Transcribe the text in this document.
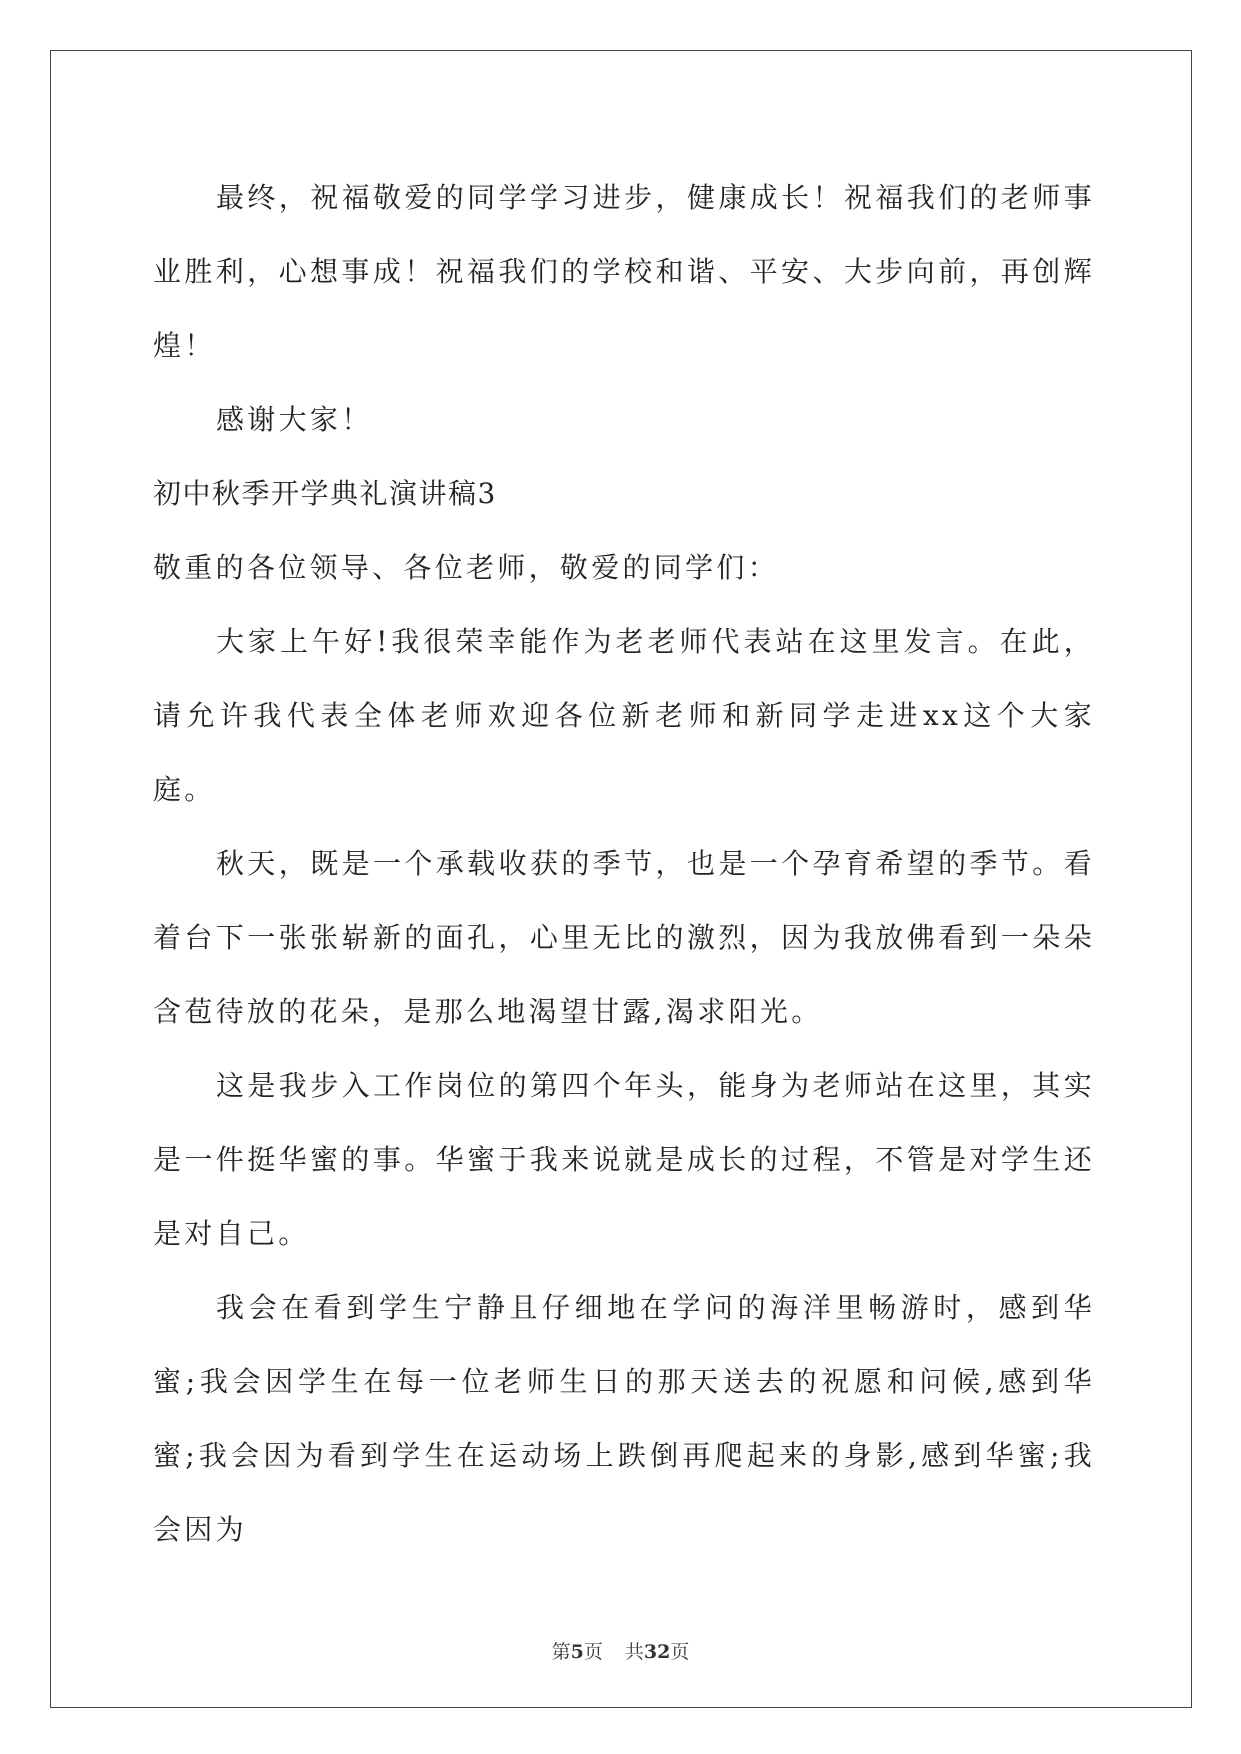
最终，祝福敬爱的同学学习进步，健康成长！祝福我们的老师事业胜利，心想事成！祝福我们的学校和谐、平安、大步向前，再创辉煌！

感谢大家！

初中秋季开学典礼演讲稿3

敬重的各位领导、各位老师，敬爱的同学们：

大家上午好!我很荣幸能作为老老师代表站在这里发言。在此，请允许我代表全体老师欢迎各位新老师和新同学走进xx这个大家庭。

秋天，既是一个承载收获的季节，也是一个孕育希望的季节。看着台下一张张崭新的面孔，心里无比的激烈，因为我放佛看到一朵朵含苞待放的花朵，是那么地渴望甘露,渴求阳光。

这是我步入工作岗位的第四个年头，能身为老师站在这里，其实是一件挺华蜜的事。华蜜于我来说就是成长的过程，不管是对学生还是对自己。

我会在看到学生宁静且仔细地在学问的海洋里畅游时，感到华蜜;我会因学生在每一位老师生日的那天送去的祝愿和问候,感到华蜜;我会因为看到学生在运动场上跌倒再爬起来的身影,感到华蜜;我会因为

第5页 共32页
